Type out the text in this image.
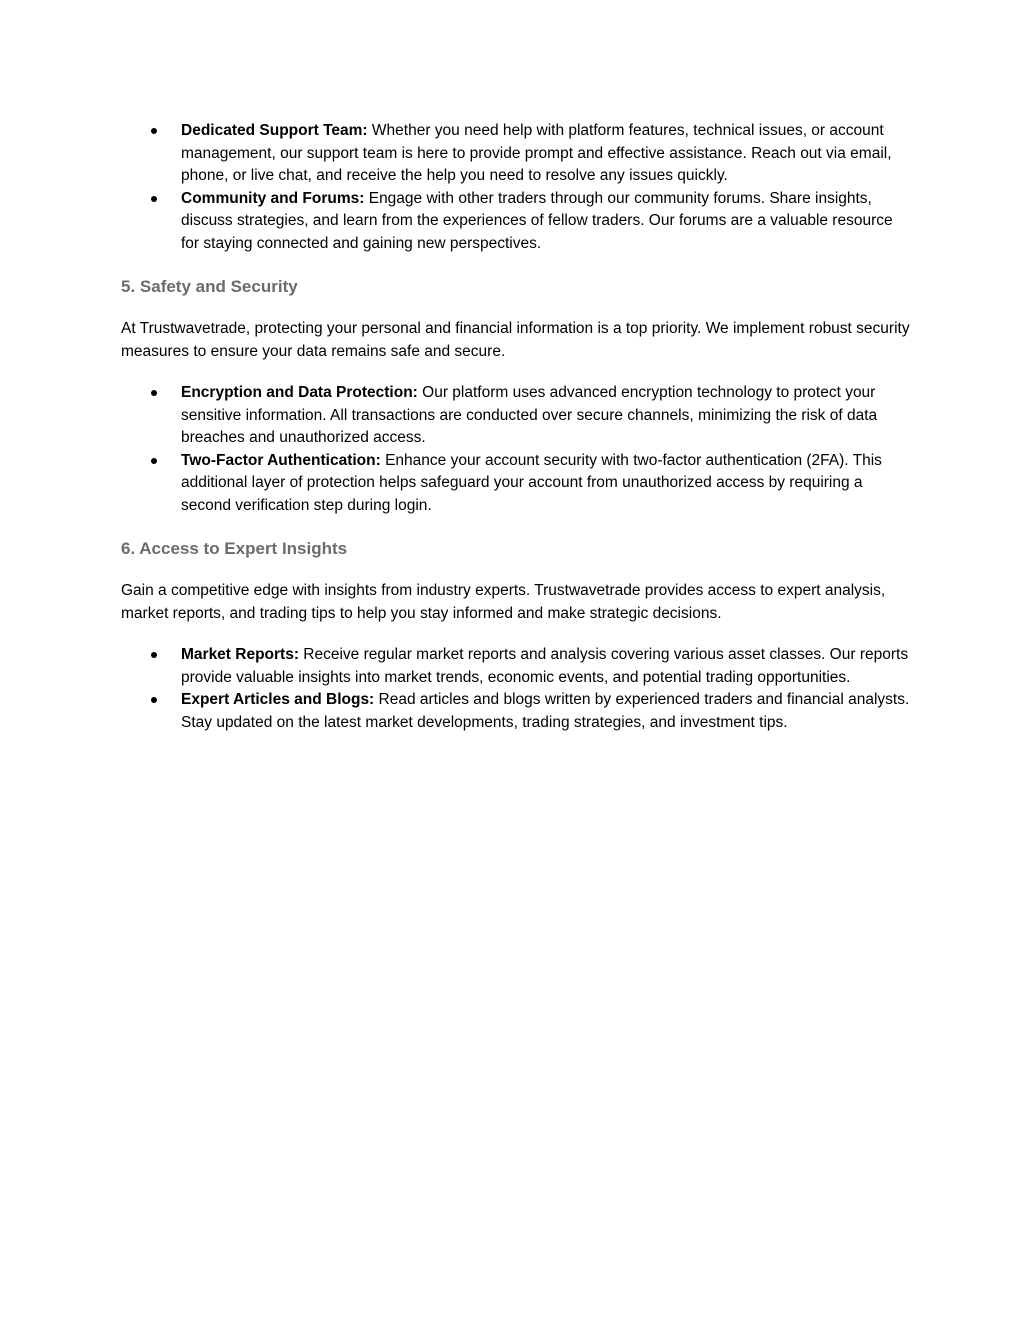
Dedicated Support Team: Whether you need help with platform features, technical issues, or account management, our support team is here to provide prompt and effective assistance. Reach out via email, phone, or live chat, and receive the help you need to resolve any issues quickly.
Community and Forums: Engage with other traders through our community forums. Share insights, discuss strategies, and learn from the experiences of fellow traders. Our forums are a valuable resource for staying connected and gaining new perspectives.
5. Safety and Security

At Trustwavetrade, protecting your personal and financial information is a top priority. We implement robust security measures to ensure your data remains safe and secure.

Encryption and Data Protection: Our platform uses advanced encryption technology to protect your sensitive information. All transactions are conducted over secure channels, minimizing the risk of data breaches and unauthorized access.
Two-Factor Authentication: Enhance your account security with two-factor authentication (2FA). This additional layer of protection helps safeguard your account from unauthorized access by requiring a second verification step during login.
6. Access to Expert Insights

Gain a competitive edge with insights from industry experts. Trustwavetrade provides access to expert analysis, market reports, and trading tips to help you stay informed and make strategic decisions.

Market Reports: Receive regular market reports and analysis covering various asset classes. Our reports provide valuable insights into market trends, economic events, and potential trading opportunities.
Expert Articles and Blogs: Read articles and blogs written by experienced traders and financial analysts. Stay updated on the latest market developments, trading strategies, and investment tips.
